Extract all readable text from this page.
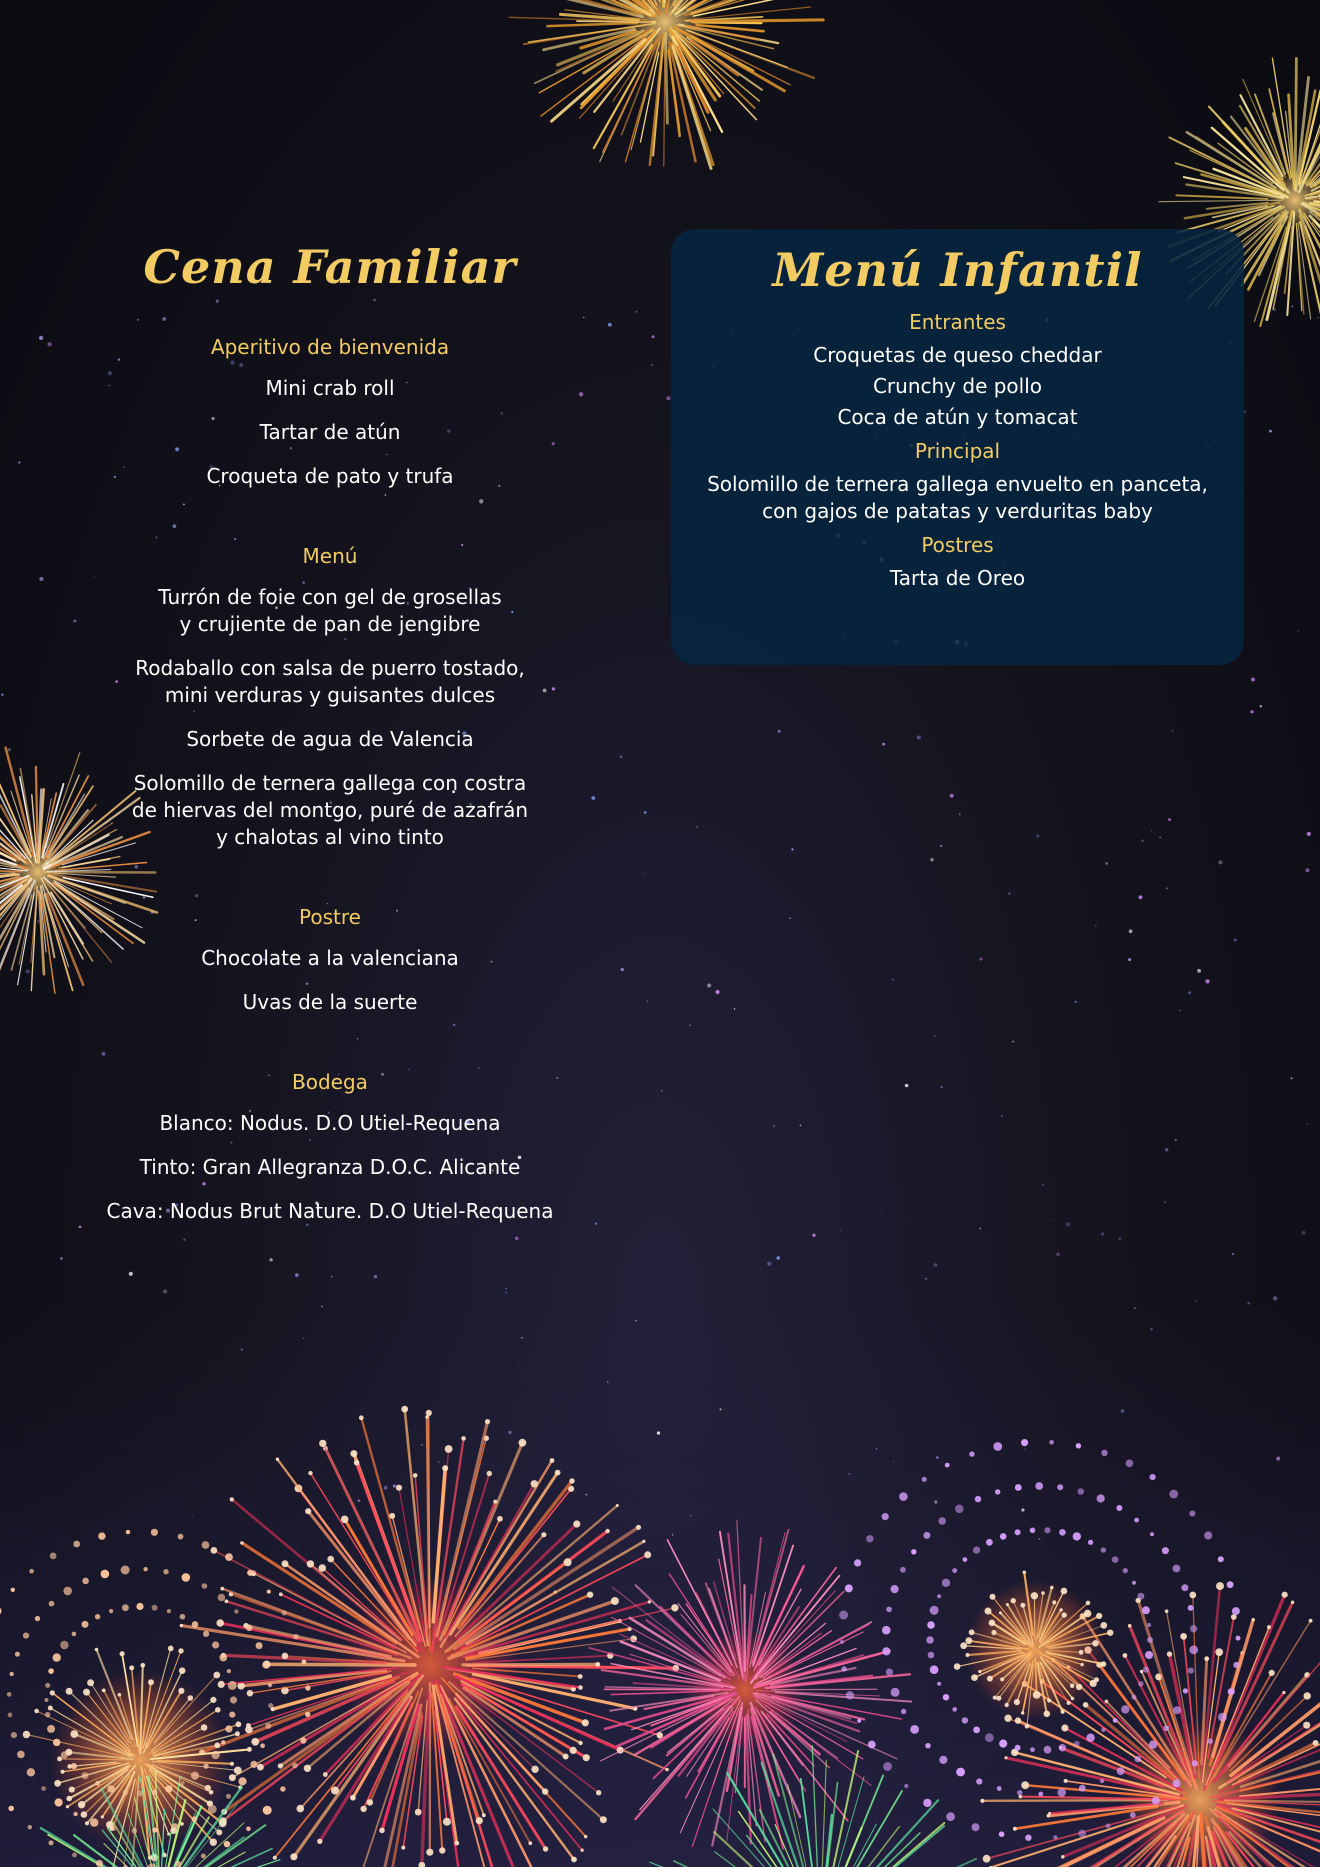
Cena Familiar
Aperitivo de bienvenida
Mini crab roll
Tartar de atún
Croqueta de pato y trufa
Menú
Turrón de foie con gel de grosellas
y crujiente de pan de jengibre
Rodaballo con salsa de puerro tostado,
mini verduras y guisantes dulces
Sorbete de agua de Valencia
Solomillo de ternera gallega con costra
de hiervas del montgo, puré de azafrán
y chalotas al vino tinto
Postre
Chocolate a la valenciana
Uvas de la suerte
Bodega
Blanco: Nodus. D.O Utiel-Requena
Tinto: Gran Allegranza D.O.C. Alicante
Cava: Nodus Brut Nature. D.O Utiel-Requena
Menú Infantil
Entrantes
Croquetas de queso cheddar
Crunchy de pollo
Coca de atún y tomacat
Principal
Solomillo de ternera gallega envuelto en panceta,
con gajos de patatas y verduritas baby
Postres
Tarta de Oreo
